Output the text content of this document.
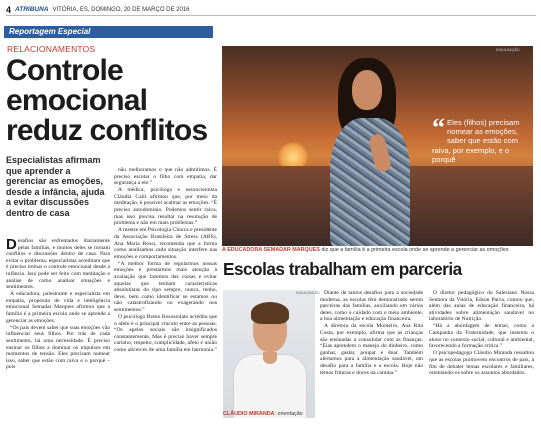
4 ATRIBUNA VITÓRIA, ES, DOMINGO, 20 DE MARÇO DE 2016
Reportagem Especial
RELACIONAMENTOS
Controle emocional reduz conflitos
Especialistas afirmam que aprender a gerenciar as emoções, desde a infância, ajuda a evitar discussões dentro de casa

Desafios são enfrentados diariamente pelas famílias, e muitos deles se tornam conflitos e discussões dentro de casa. Para evitar o problema, especialistas acreditam que é preciso treinar o controle emocional desde a infância. Isso pode ser feito com meditação e análise de como analisar situações e sentimentos.

A educadora, palestrante e especialista em empatia, propósito de vida e inteligência emocional Semadar Marques afirmou que a família é a primeira escola onde se aprende a gerenciar as emoções.

“Os pais devem saber que suas emoções vão influenciar seus filhos. Por trás de cada sentimento, há uma necessidade. É preciso ensinar os filhos a dominar os impulsos em momentos de tensão. Eles precisam nomear isso, saber que estão com raiva e o porquê – pois

não melhoramos o que não admitimos. É preciso escutar o filho com empatia, dar segurança a ele.”

A médica, psicóloga e neurocientista Cláudia Calil afirmou que, por meio da meditação, é possível acalmar as emoções. “É preciso autodomínio. Podemos sentir raiva, mas isso precisa resultar na resolução de problema e não em mais problemas.”

A mestre em Psicologia Clínica e presidente da Associação Brasileira de Stress (ABS), Ana Maria Rossi, recomenda que a forma como analisamos cada situação interfere nas emoções e comportamentos.

“A melhor forma de regularmos nossas emoções é prestarmos mais atenção à avaliação que fazemos das coisas e evitar aquelas que tenham características absolutistas do tipo sempre, nunca, tenho, deve, bem como identificar se estamos ou não catastrofizando ou exagerando nos sentimentos.”

O psicólogo Breno Rosostolato acredita que o afeto é o principal vínculo entre as pessoas. “Os apelos sociais são insignificados constantemente. Mas é preciso haver sempre carinho, respeito, cumplicidade, afeto e união como alicerces de uma família em harmonia.”

DIVULGAÇÃO
“ Eles (filhos) precisam nomear as emoções, saber que estão com raiva, por exemplo, e o porquê
A EDUCADORA SEMADAR MARQUES diz que a família é a primeira escola onde se aprende a gerenciar as emoções
Escolas trabalham em parceria
DIVULGAÇÃO
CLÁUDIO MIRANDA: orientação

Diante de tantos desafios para a sociedade moderna, as escolas têm demonstrado serem parceiras das famílias, auxiliando em vários deles, como o cuidado com o meio ambiente, a boa alimentação e educação financeira.

A diretora da escola Monteiro, Ana Rita Costa, por exemplo, afirma que as crianças são ensinadas a consolidar com as finanças. “Elas aprendem o manejo do dinheiro, como ganhar, gastar, poupar e doar. Também alertamos para a alimentação saudável, um desafio para a família e a escola. Hoje não temos frituras e doces na cantina.”

O diretor pedagógico do Salesiano Nossa Senhora da Vitória, Edson Paiva, contou que, além das aulas de educação financeira, há atividades sobre alimentação saudável no laboratório de Nutrição.

“Há a abordagem de temas, como a Campanha da Fraternidade, que inserem o aluno no contexto social, cultural e ambiental, favorecendo a formação crítica.”

O psicopedagogo Cláudio Miranda ressaltou que as escolas promovem encontros de pais, a fim de debater temas escolares e familiares, orientando-os sobre os assuntos abordados.
